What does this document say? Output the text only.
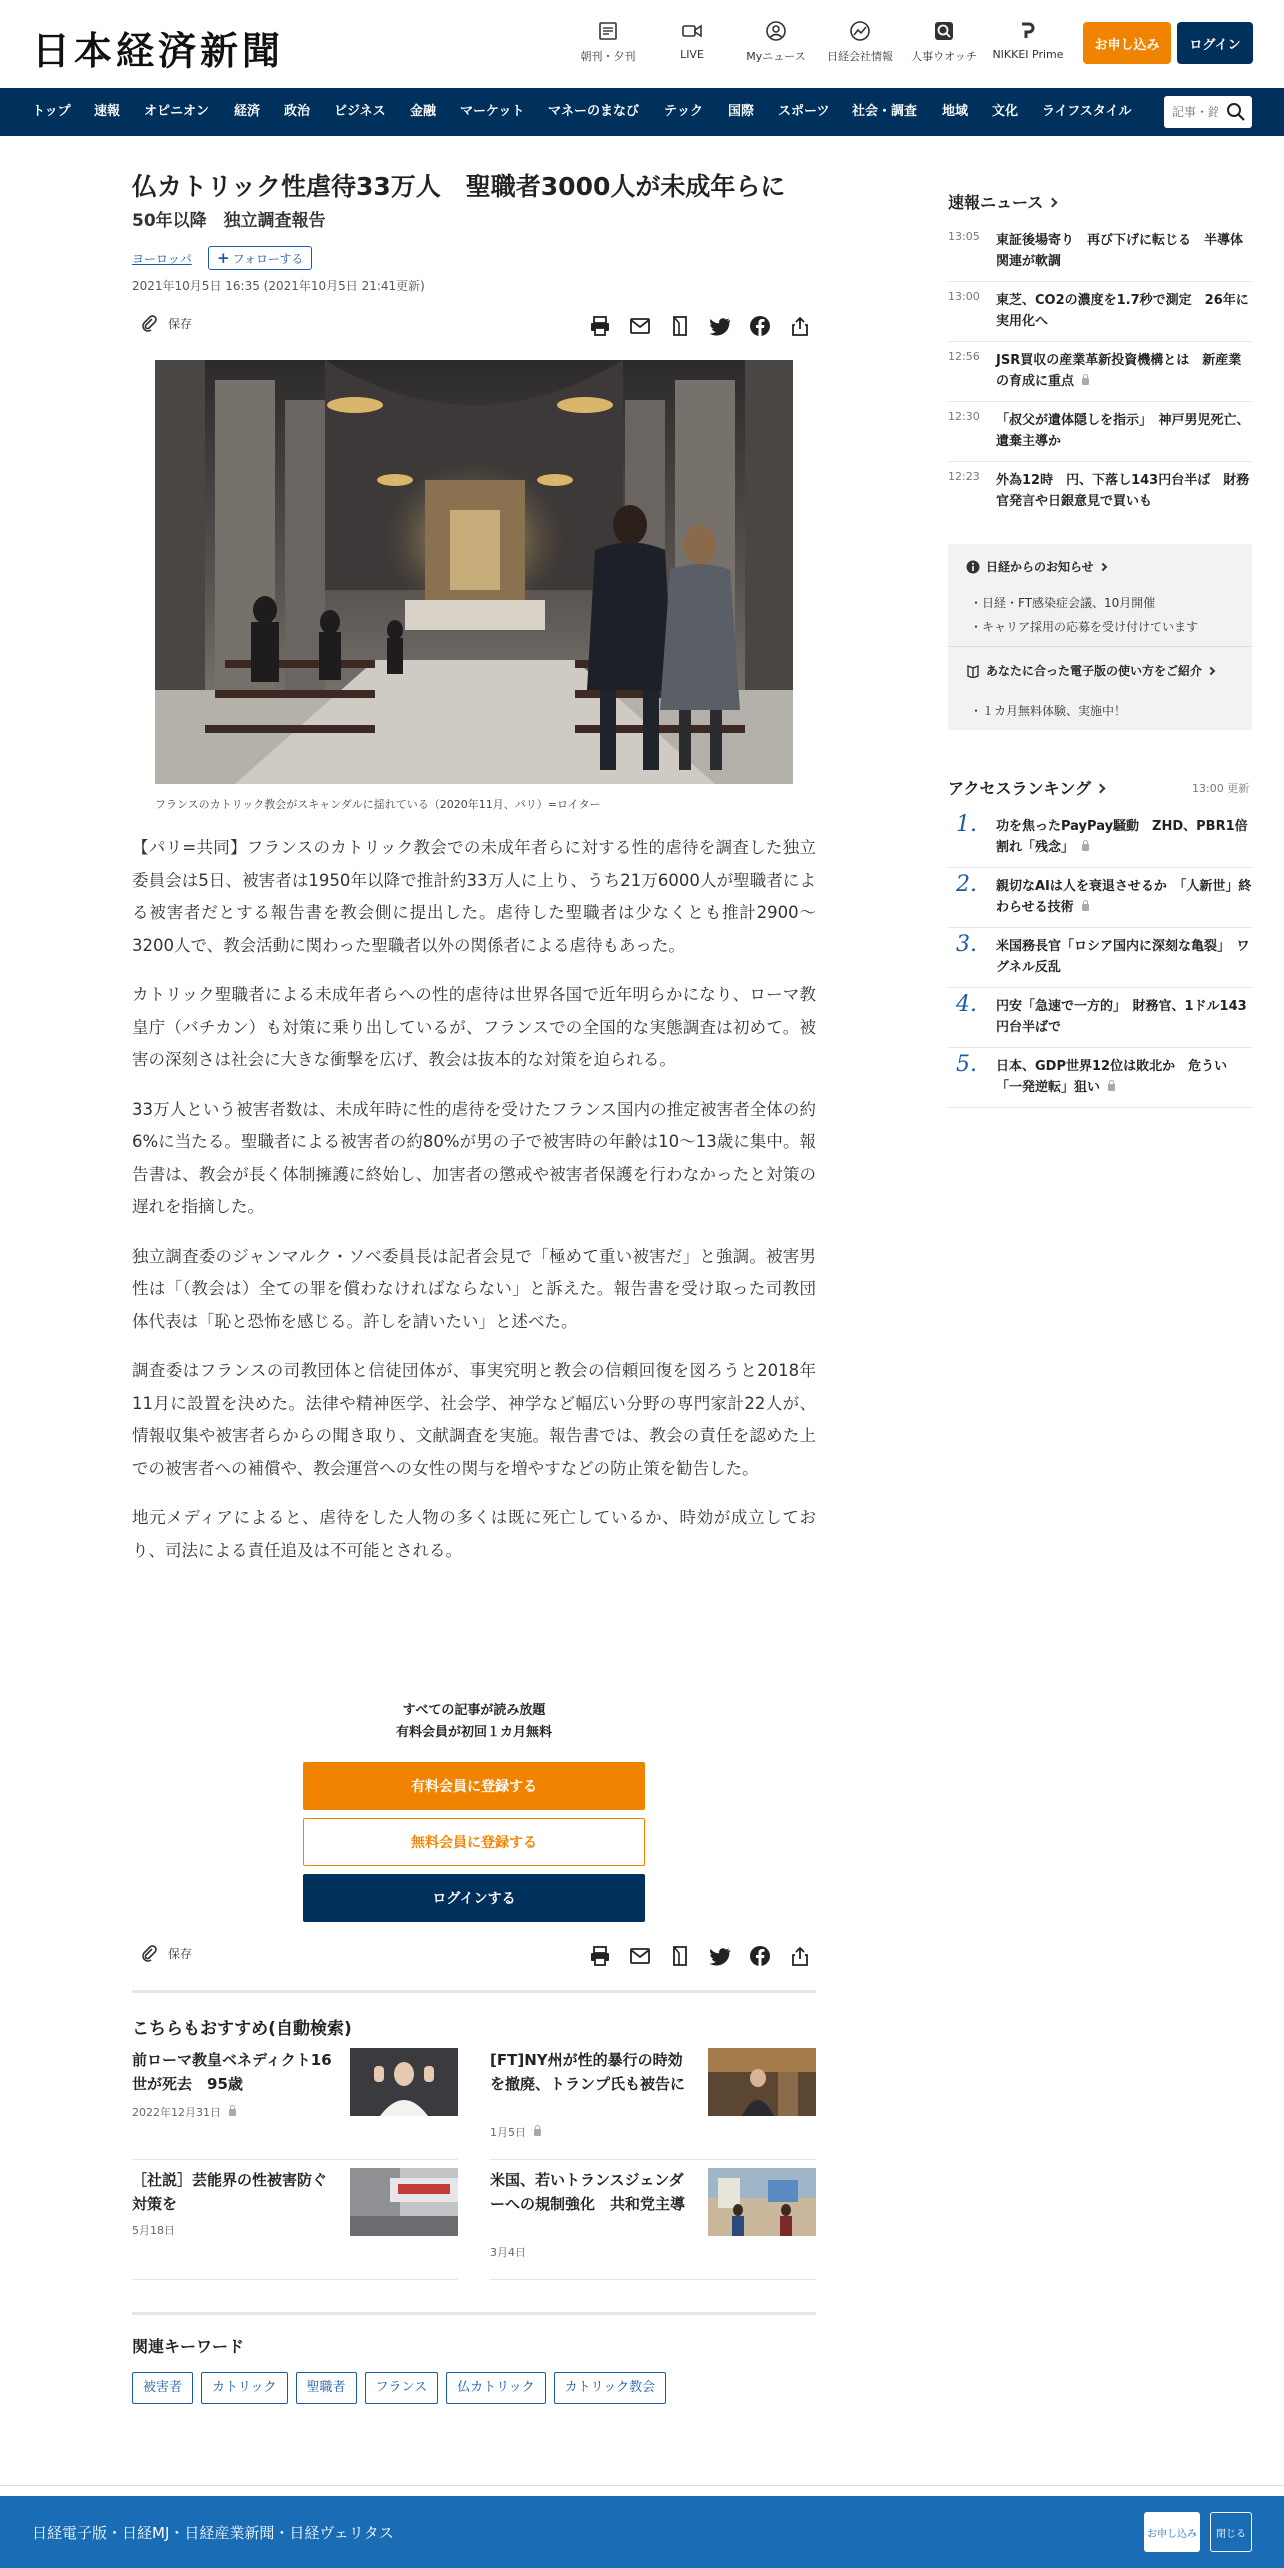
日本経済新聞	朝刊・夕刊	LIVE	Myニュース	日経会社情報	人事ウオッチ	NIKKEI Prime
お申し込み	ログイン
トップ 速報 オピニオン 経済 政治 ビジネス 金融 マーケット マネーのまなび テック 国際 スポーツ 社会・調査 地域 文化 ライフスタイル
記事・銘柄
仏カトリック性虐待33万人　聖職者3000人が未成年らに
50年以降　独立調査報告
ヨーロッパ	+ フォローする
2021年10月5日 16:35 (2021年10月5日 21:41更新)
保存
フランスのカトリック教会がスキャンダルに揺れている（2020年11月、パリ）=ロイター

【パリ=共同】フランスのカトリック教会での未成年者らに対する性的虐待を調査した独立委員会は5日、被害者は1950年以降で推計約33万人に上り、うち21万6000人が聖職者による被害者だとする報告書を教会側に提出した。虐待した聖職者は少なくとも推計2900〜3200人で、教会活動に関わった聖職者以外の関係者による虐待もあった。

カトリック聖職者による未成年者らへの性的虐待は世界各国で近年明らかになり、ローマ教皇庁（バチカン）も対策に乗り出しているが、フランスでの全国的な実態調査は初めて。被害の深刻さは社会に大きな衝撃を広げ、教会は抜本的な対策を迫られる。

33万人という被害者数は、未成年時に性的虐待を受けたフランス国内の推定被害者全体の約6%に当たる。聖職者による被害者の約80%が男の子で被害時の年齢は10〜13歳に集中。報告書は、教会が長く体制擁護に終始し、加害者の懲戒や被害者保護を行わなかったと対策の遅れを指摘した。

独立調査委のジャンマルク・ソベ委員長は記者会見で「極めて重い被害だ」と強調。被害男性は「（教会は）全ての罪を償わなければならない」と訴えた。報告書を受け取った司教団体代表は「恥と恐怖を感じる。許しを請いたい」と述べた。

調査委はフランスの司教団体と信徒団体が、事実究明と教会の信頼回復を図ろうと2018年11月に設置を決めた。法律や精神医学、社会学、神学など幅広い分野の専門家計22人が、情報収集や被害者らからの聞き取り、文献調査を実施。報告書では、教会の責任を認めた上での被害者への補償や、教会運営への女性の関与を増やすなどの防止策を勧告した。

地元メディアによると、虐待をした人物の多くは既に死亡しているか、時効が成立しており、司法による責任追及は不可能とされる。

すべての記事が読み放題
有料会員が初回１カ月無料
有料会員に登録する
無料会員に登録する
ログインする
保存
こちらもおすすめ(自動検索)
前ローマ教皇ベネディクト16世が死去　95歳
2022年12月31日
[FT]NY州が性的暴行の時効を撤廃、トランプ氏も被告に
1月5日
［社説］芸能界の性被害防ぐ対策を
5月18日
米国、若いトランスジェンダーへの規制強化　共和党主導
3月4日
関連キーワード
被害者	カトリック	聖職者	フランス	仏カトリック	カトリック教会
速報ニュース
13:05 東証後場寄り　再び下げに転じる　半導体関連が軟調
13:00 東芝、CO2の濃度を1.7秒で測定　26年に実用化へ
12:56 JSR買収の産業革新投資機構とは　新産業の育成に重点
12:30 「叔父が遺体隠しを指示」　神戸男児死亡、遺棄主導か
12:23 外為12時　円、下落し143円台半ば　財務官発言や日銀意見で買いも
日経からのお知らせ
・ 日経・FT感染症会議、10月開催
・ キャリア採用の応募を受け付けています
あなたに合った電子版の使い方をご紹介
・ １カ月無料体験、実施中！
アクセスランキング	13:00 更新
1. 功を焦ったPayPay騒動　ZHD、PBR1倍割れ「残念」
2. 親切なAIは人を衰退させるか　「人新世」終わらせる技術
3. 米国務長官「ロシア国内に深刻な亀裂」　ワグネル反乱
4. 円安「急速で一方的」　財務官、1ドル143円台半ばで
5. 日本、GDP世界12位は敗北か　危うい「一発逆転」狙い
日経電子版・日経MJ・日経産業新聞・日経ヴェリタス	お申し込み	閉じる
